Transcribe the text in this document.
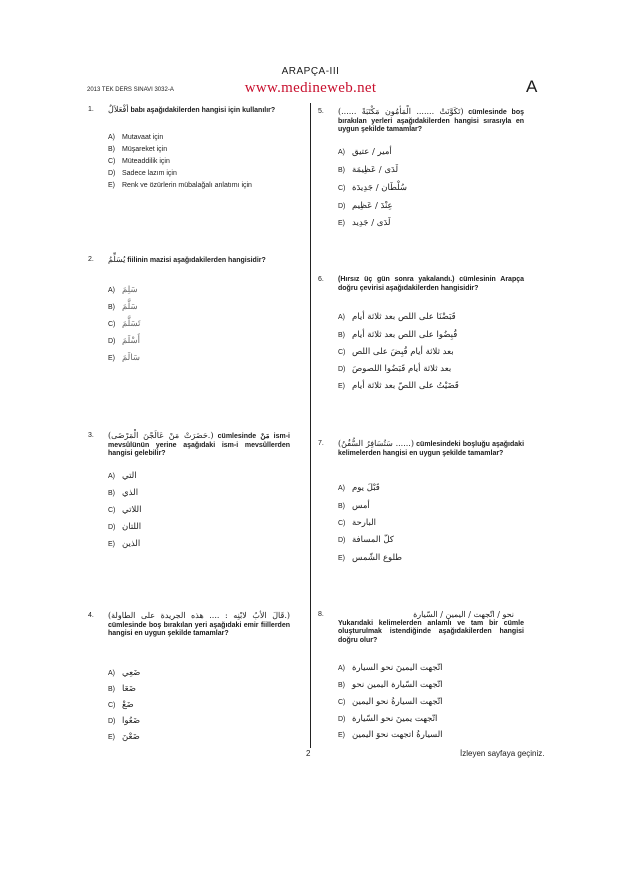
ARAPÇA-III
2013 TEK DERS SINAVI 3032-A	www.medineweb.net	A
1. أفْعَلاَلٌ babı aşağıdakilerden hangisi için kullanılır?
A) Mutavaat için
B) Müşareket için
C) Müteaddilik için
D) Sadece lazım için
E) Renk ve özürlerin mübalağalı anlatımı için
2. يُسَلِّمُ fiilinin mazisi aşağıdakilerden hangisidir?
A) سَلِمَ
B) سَلَّمَ
C) تَسَلَّمَ
D) أَسْلَمَ
E) سَالَمَ
3. (حَضَرَتْ مَنْ عَالَجْنَ الْمَرْضَى.) cümlesinde مَنْ ism-i mevsûlünün yerine aşağıdaki ism-i mevsûllerden hangisi gelebilir?
A) التي
B) الذي
C) اللاتي
D) اللتان
E) الذين
4. (قَالَ الأبُ لابْنِه : .... هذه الجريدة على الطاولة.) cümlesinde boş bırakılan yeri aşağıdaki emir fiillerden hangisi en uygun şekilde tamamlar?
A) ضَعِي
B) ضَعَا
C) ضَعْ
D) ضَعُوا
E) ضَعْنَ
5. (...... تَكَوَّنَتْ ....... الْمَأمُون مَكْتَبَةً) cümlesinde boş bırakılan yerleri aşağıdakilerden hangisi sırasıyla en uygun şekilde tamamlar?
A) أمير / عتيق
B) لَدَى / عَظِيمَة
C) سُلْطَان / جَدِيدَة
D) عِنْدَ / عَظِيم
E) لَدَى / جَدِيد
6. (Hırsız üç gün sonra yakalandı.) cümlesinin Arapça doğru çevirisi aşağıdakilerden hangisidir?
A) قَبَضْنَا على اللص بعد ثلاثة أيام
B) قُبِضُوا على اللص بعد ثلاثة أيام
C) بعد ثلاثة أيام قُبِضَ على اللص
D) بعد ثلاثة أيام قَبَضُوا اللصوصَ
E) قَضَيْتُ على اللصّ بعد ثلاثة أيام
7. (سَتُسَافِرُ السُّفُنُ ......) cümlesindeki boşluğu aşağıdaki kelimelerden hangisi en uygun şekilde tamamlar?
A) قَبْلَ يوم
B) أمس
C) البارحة
D) كلّ المسافة
E) طلوع الشّمس
8.	نحو / اتّجهت / اليمين / السّيارة
Yukarıdaki kelimelerden anlamlı ve tam bir cümle oluşturulmak istendiğinde aşağıdakilerden hangisi doğru olur?
A) اتّجهت اليمينَ نحو السيارة
B) اتّجهت السّيارة اليمين نحو
C) اتّجهت السيارةُ نحو اليمين
D) اتّجهت يمينَ نحو السّيارة
E) السيارةُ اتجهت نحوَ اليمين
2	İzleyen sayfaya geçiniz.
